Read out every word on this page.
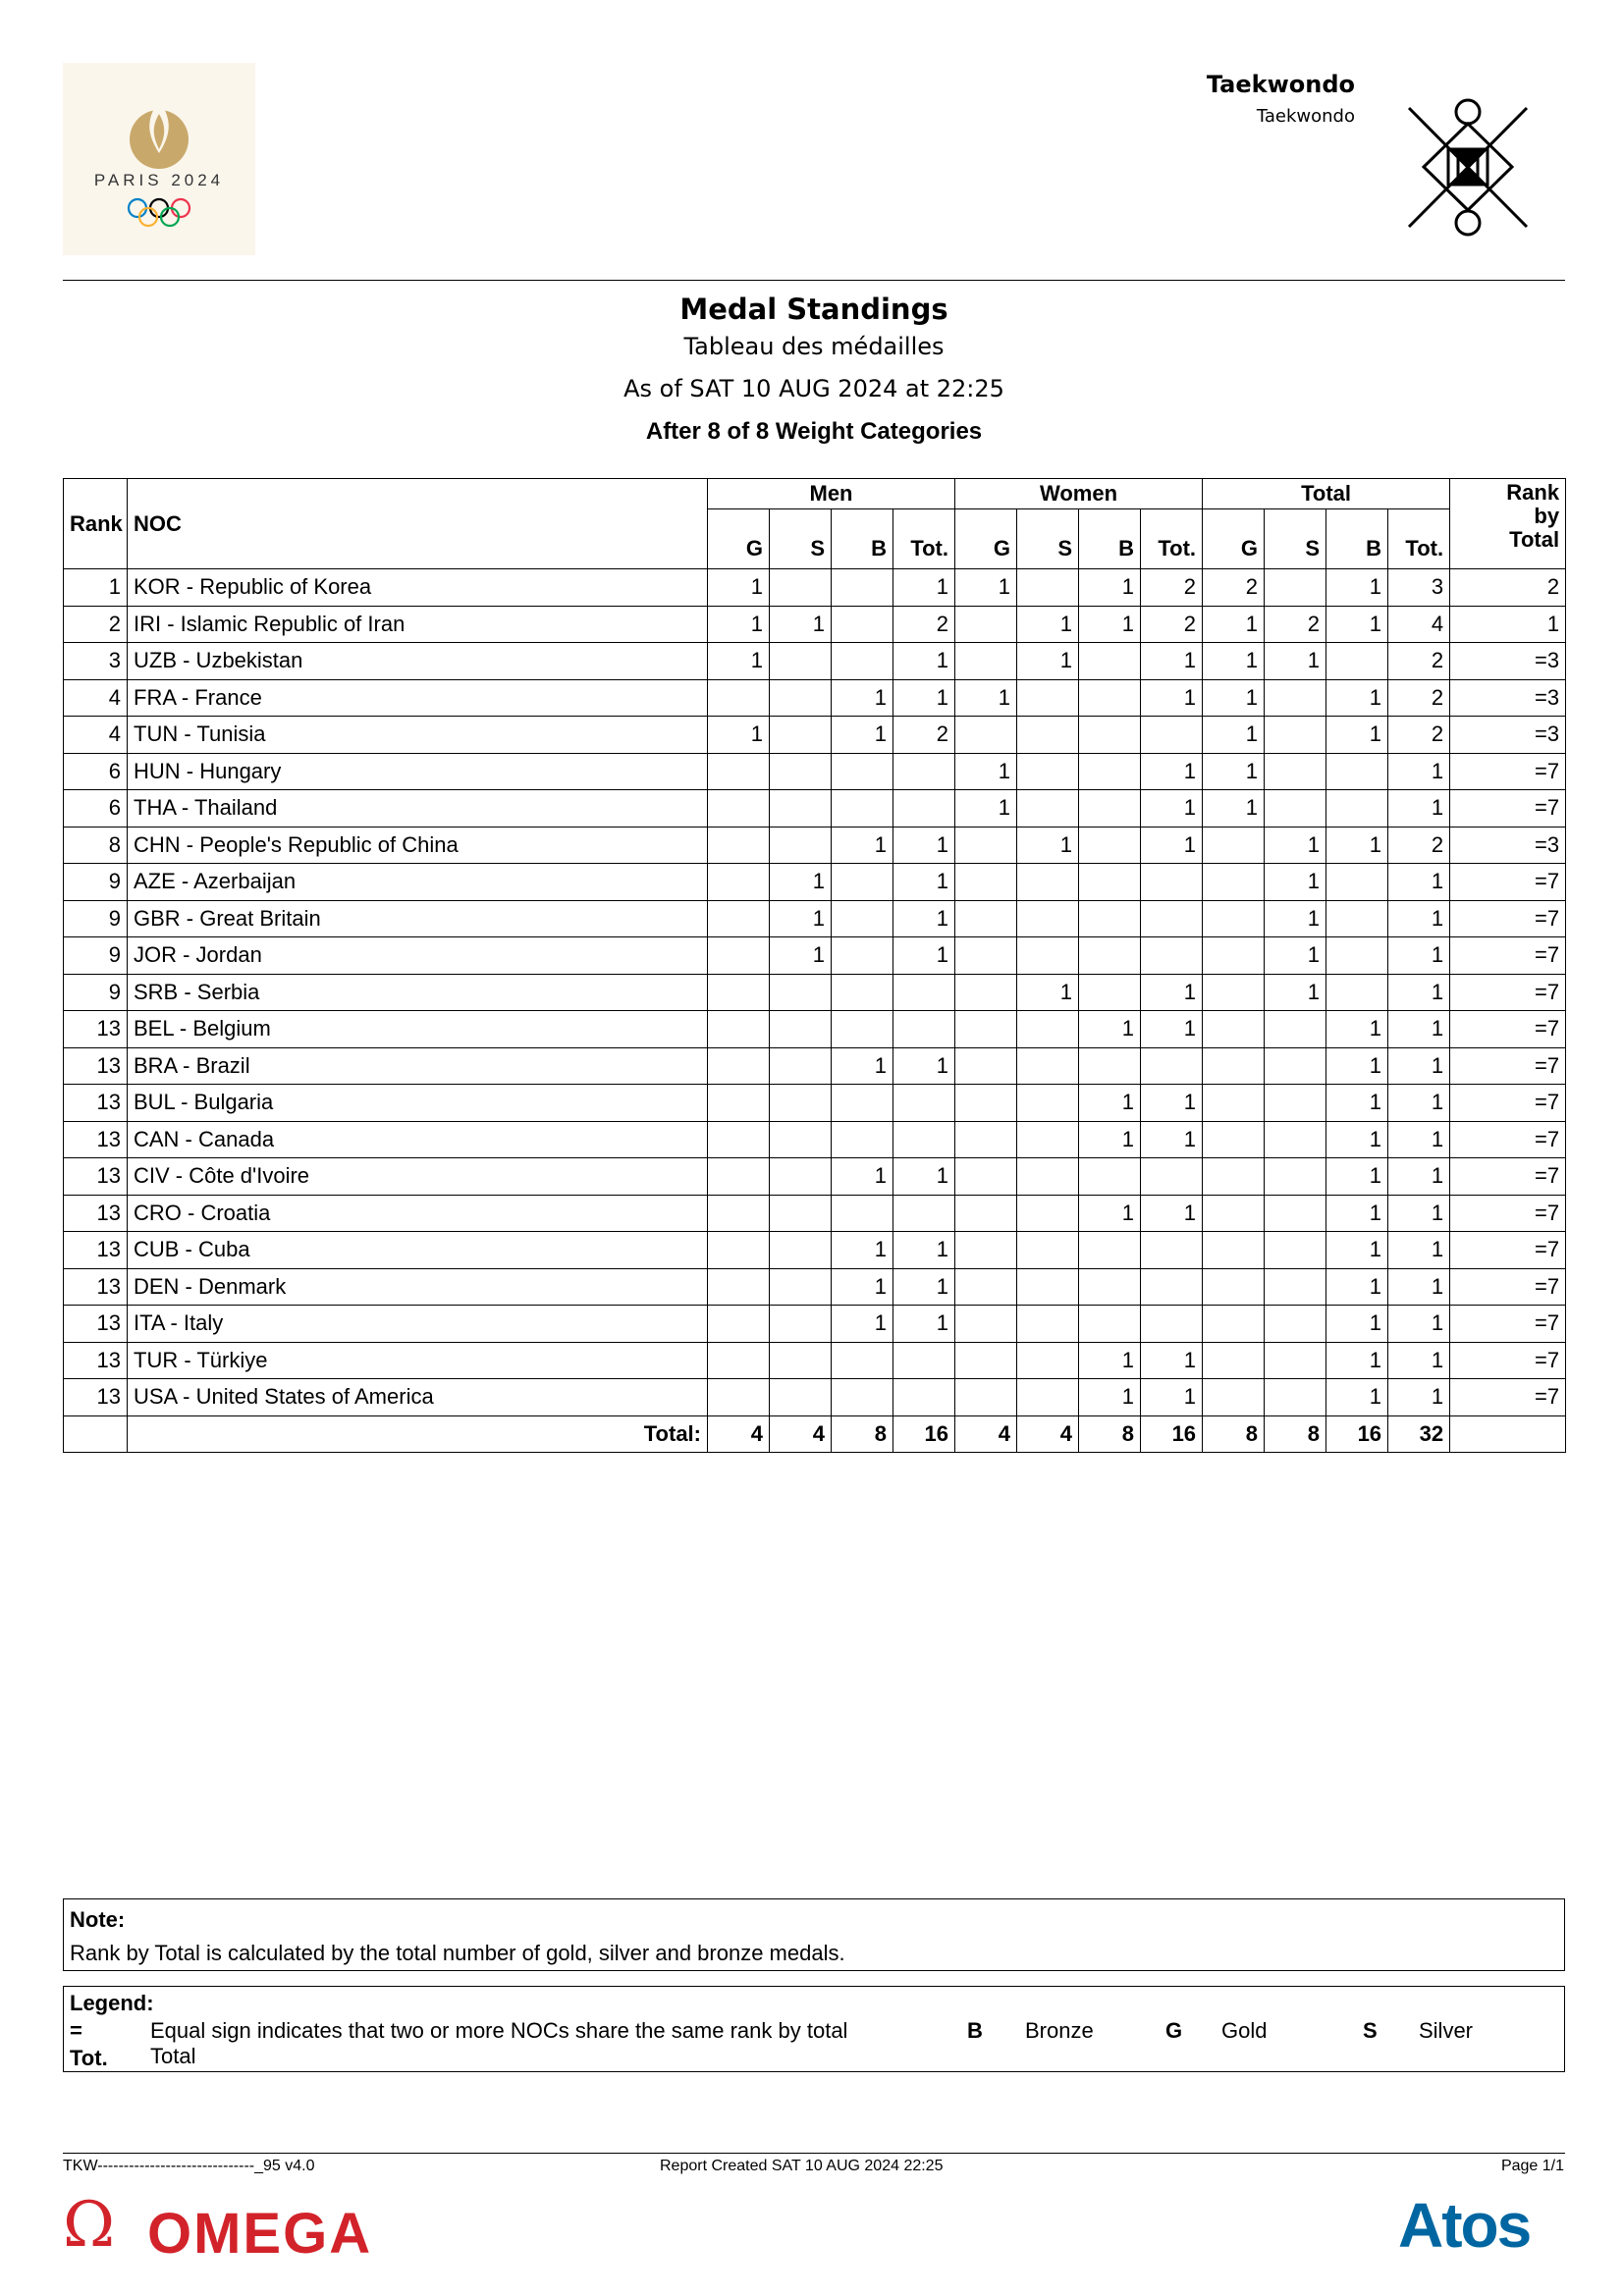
PARIS 2024
Taekwondo
Taekwondo
Medal Standings
Tableau des médailles
As of SAT 10 AUG 2024 at 22:25
After 8 of 8 Weight Categories
Rank	NOC	Men				Women				Total				Rank
by
Total

		G	S	B	Tot.	G	S	B	Tot.	G	S	B	Tot.	
1	KOR - Republic of Korea	1			1	1		1	2	2		1	3	2
2	IRI - Islamic Republic of Iran	1	1		2		1	1	2	1	2	1	4	1
3	UZB - Uzbekistan	1			1		1		1	1	1		2	=3
4	FRA - France			1	1	1			1	1		1	2	=3
4	TUN - Tunisia	1		1	2					1		1	2	=3
6	HUN - Hungary					1			1	1			1	=7
6	THA - Thailand					1			1	1			1	=7
8	CHN - People's Republic of China			1	1		1		1		1	1	2	=3
9	AZE - Azerbaijan		1		1						1		1	=7
9	GBR - Great Britain		1		1						1		1	=7
9	JOR - Jordan		1		1						1		1	=7
9	SRB - Serbia						1		1		1		1	=7
13	BEL - Belgium							1	1			1	1	=7
13	BRA - Brazil			1	1							1	1	=7
13	BUL - Bulgaria							1	1			1	1	=7
13	CAN - Canada							1	1			1	1	=7
13	CIV - Côte d'Ivoire			1	1							1	1	=7
13	CRO - Croatia							1	1			1	1	=7
13	CUB - Cuba			1	1							1	1	=7
13	DEN - Denmark			1	1							1	1	=7
13	ITA - Italy			1	1							1	1	=7
13	TUR - Türkiye							1	1			1	1	=7
13	USA - United States of America							1	1			1	1	=7
	Total:	4	4	8	16	4	4	8	16	8	8	16	32	
Note:
Rank by Total is calculated by the total number of gold, silver and bronze medals.
Legend:
=	Equal sign indicates that two or more NOCs share the same rank by total
Tot. Total
B Bronze	G Gold	S Silver
TKW------------------------------_95 v4.0	Report Created SAT 10 AUG 2024 22:25	Page 1/1
Ω OMEGA	Atos
